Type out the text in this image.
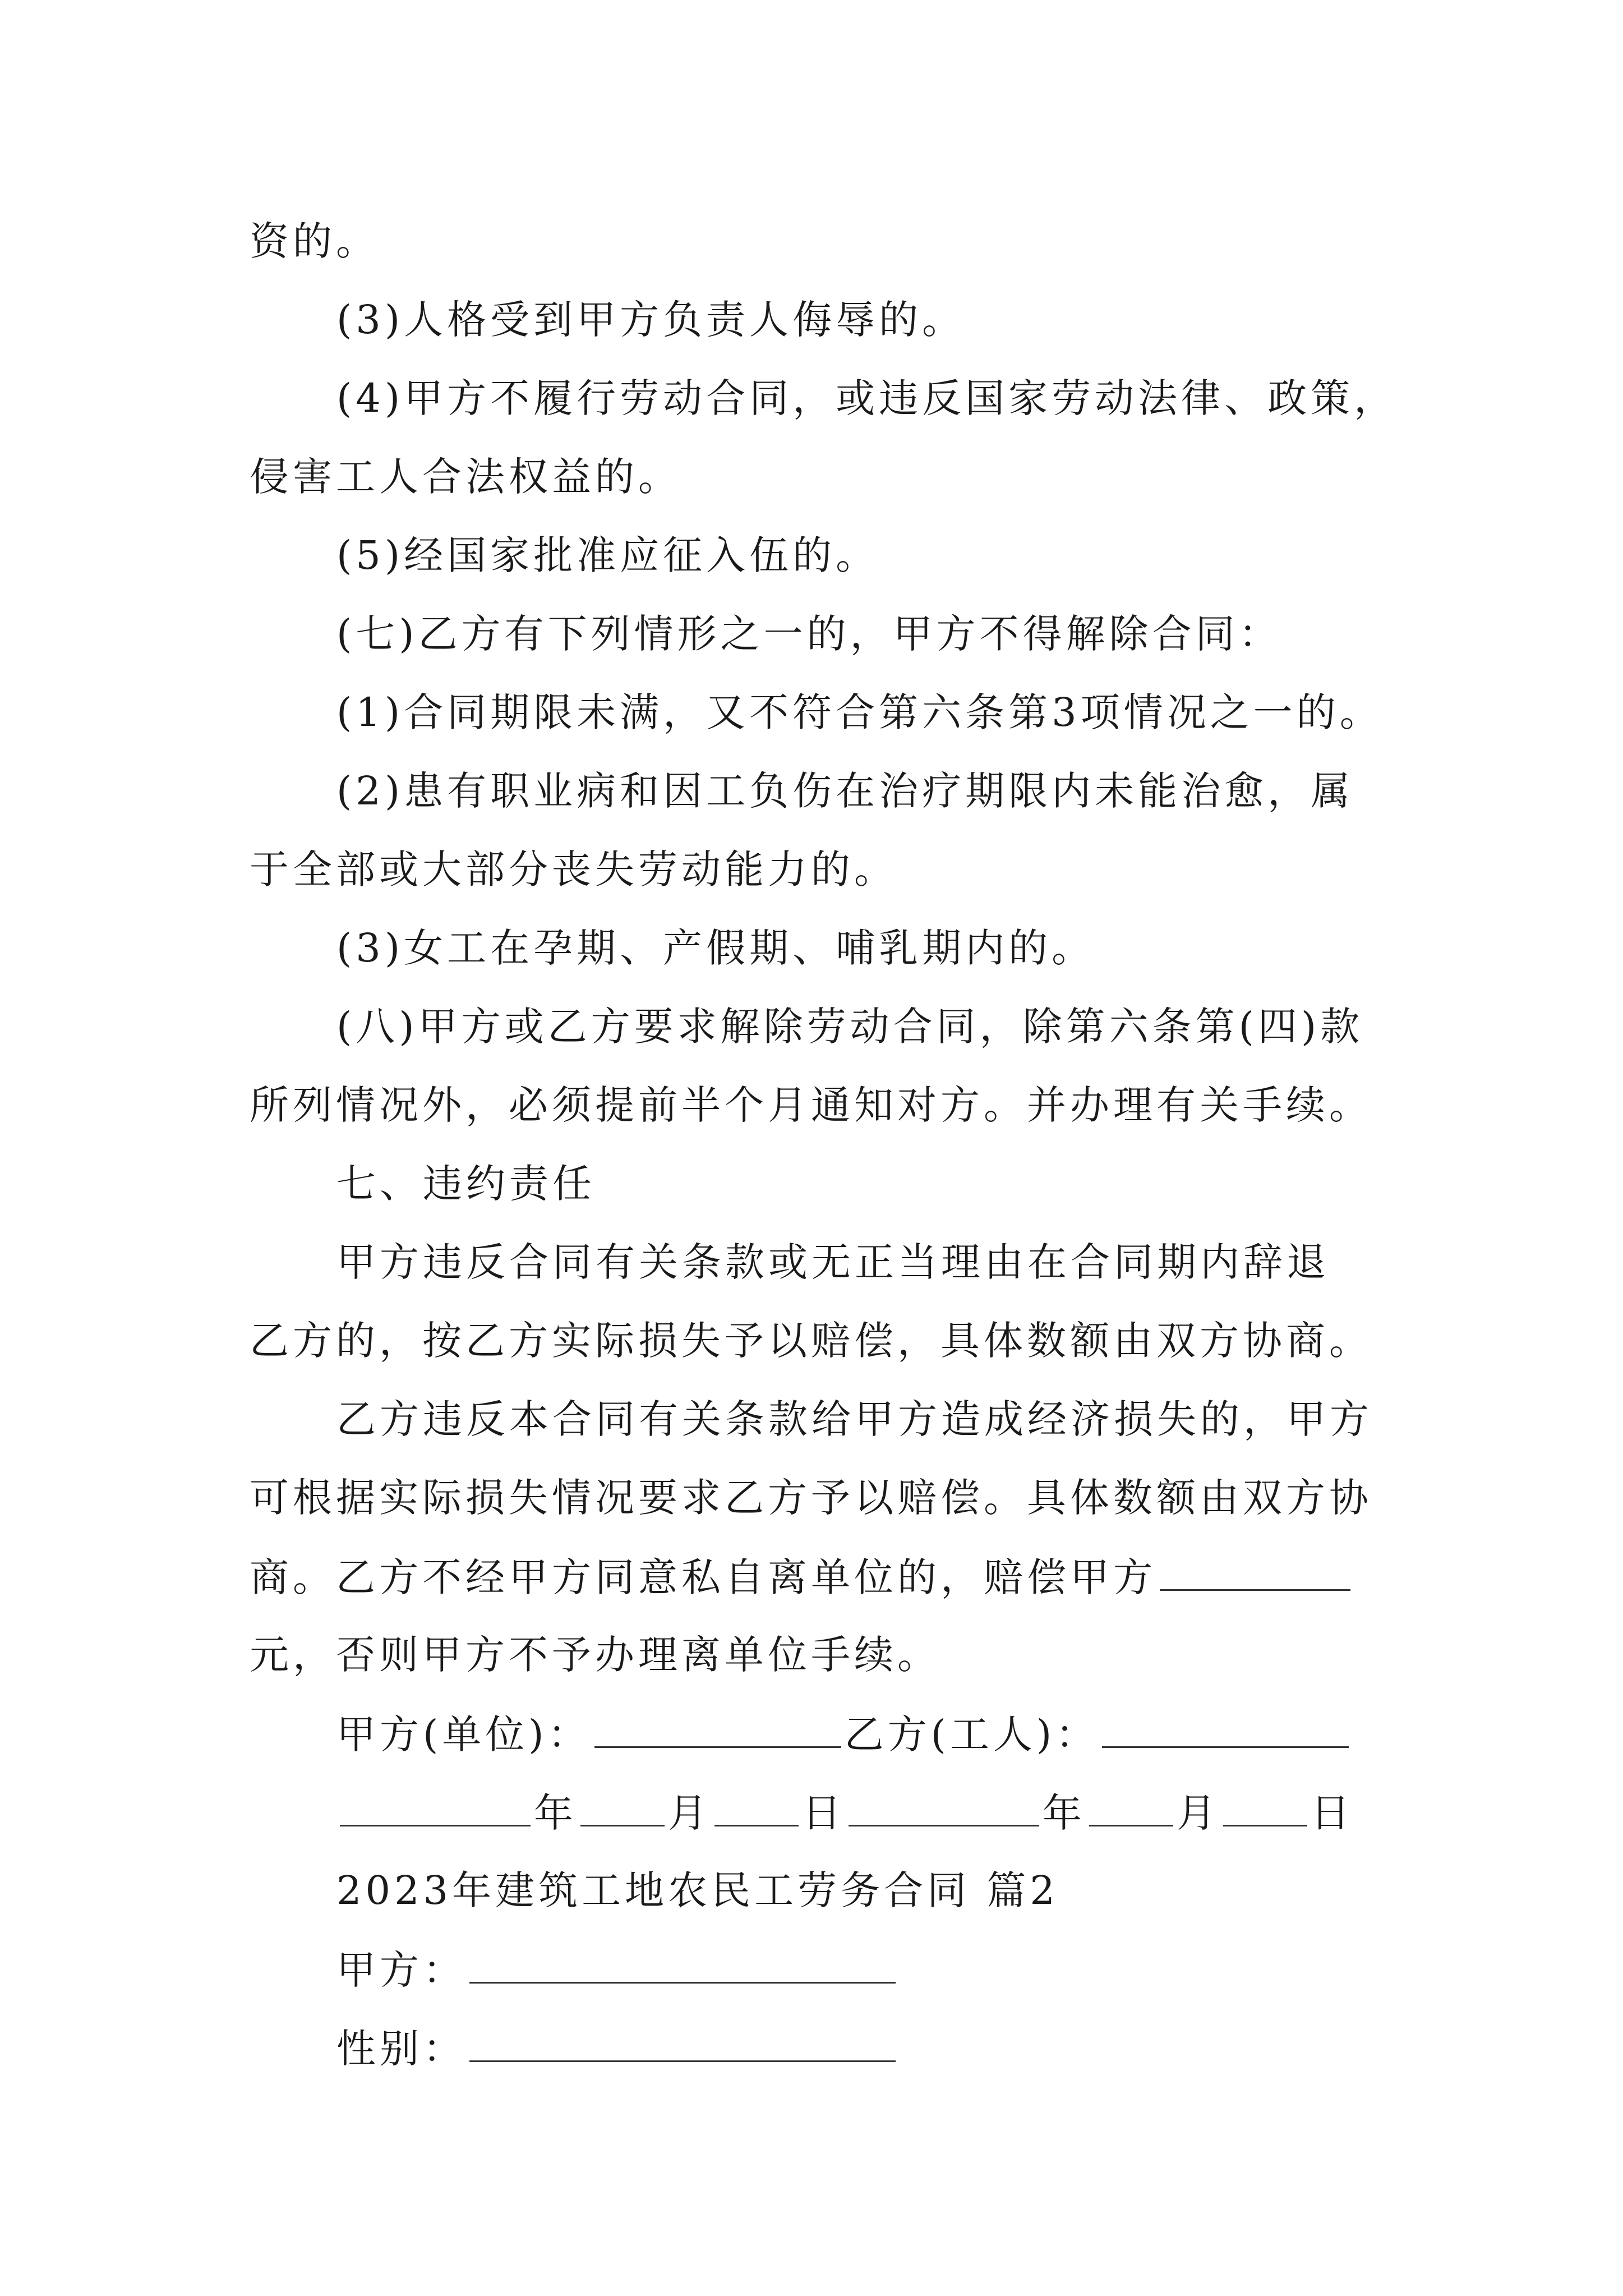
资的。
(3)人格受到甲方负责人侮辱的。
(4)甲方不履行劳动合同，或违反国家劳动法律、政策，
侵害工人合法权益的。
(5)经国家批准应征入伍的。
(七)乙方有下列情形之一的，甲方不得解除合同：
(1)合同期限未满，又不符合第六条第3项情况之一的。
(2)患有职业病和因工负伤在治疗期限内未能治愈，属
于全部或大部分丧失劳动能力的。
(3)女工在孕期、产假期、哺乳期内的。
(八)甲方或乙方要求解除劳动合同，除第六条第(四)款
所列情况外，必须提前半个月通知对方。并办理有关手续。
七、违约责任
甲方违反合同有关条款或无正当理由在合同期内辞退
乙方的，按乙方实际损失予以赔偿，具体数额由双方协商。
乙方违反本合同有关条款给甲方造成经济损失的，甲方
可根据实际损失情况要求乙方予以赔偿。具体数额由双方协
商。乙方不经甲方同意私自离单位的，赔偿甲方
元，否则甲方不予办理离单位手续。
甲方(单位)：	乙方(工人)：
年 月 日	年 月 日
2023年建筑工地农民工劳务合同 篇2
甲方：
性别：
